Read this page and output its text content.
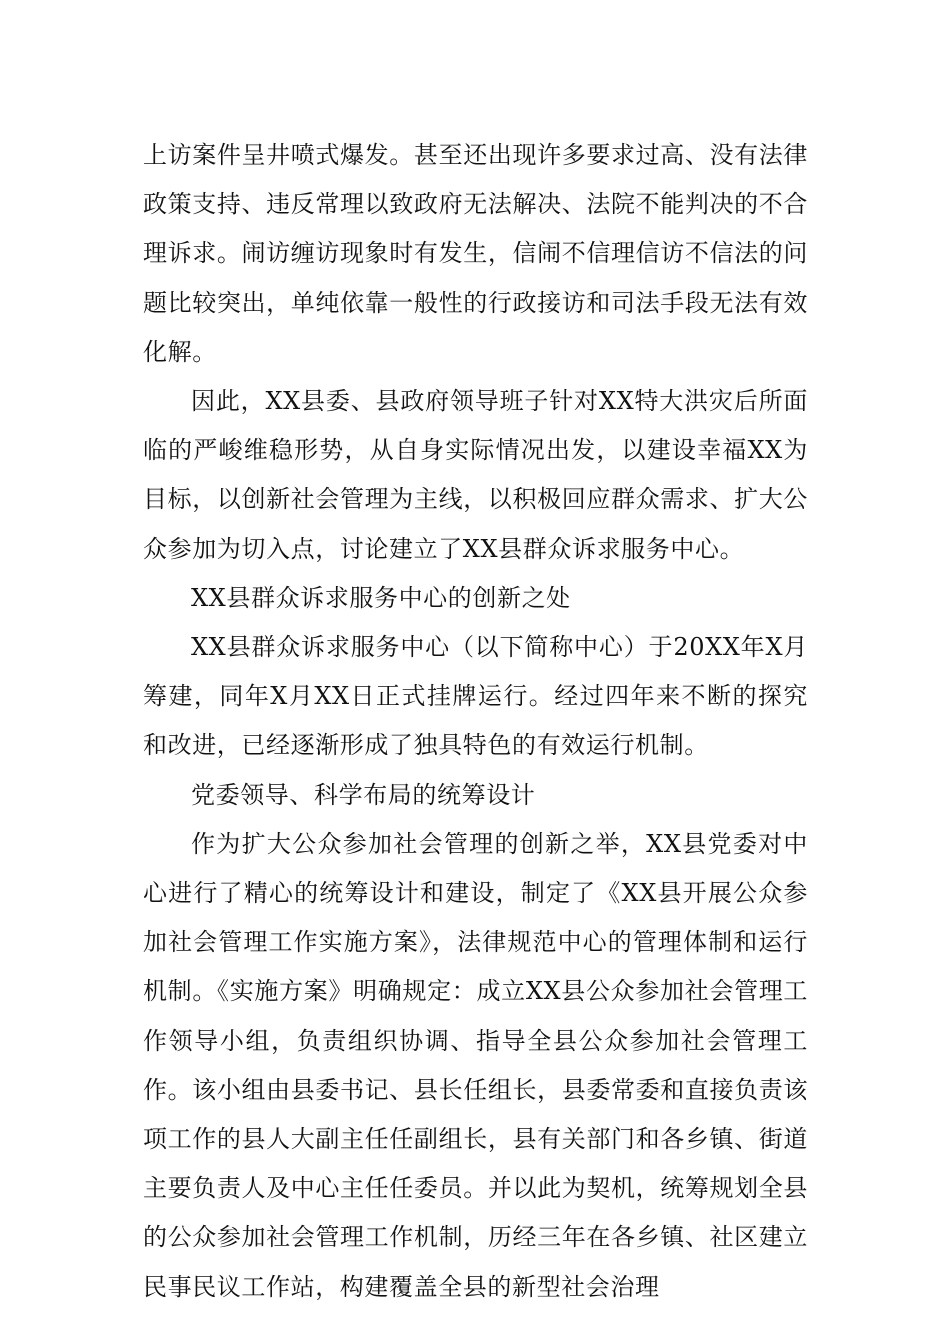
上访案件呈井喷式爆发。甚至还出现许多要求过高、没有法律政策支持、违反常理以致政府无法解决、法院不能判决的不合理诉求。闹访缠访现象时有发生，信闹不信理信访不信法的问题比较突出，单纯依靠一般性的行政接访和司法手段无法有效化解。

因此，XX县委、县政府领导班子针对XX特大洪灾后所面临的严峻维稳形势，从自身实际情况出发，以建设幸福XX为目标，以创新社会管理为主线，以积极回应群众需求、扩大公众参加为切入点，讨论建立了XX县群众诉求服务中心。

XX县群众诉求服务中心的创新之处

XX县群众诉求服务中心（以下简称中心）于20XX年X月筹建，同年X月XX日正式挂牌运行。经过四年来不断的探究和改进，已经逐渐形成了独具特色的有效运行机制。

党委领导、科学布局的统筹设计

作为扩大公众参加社会管理的创新之举，XX县党委对中心进行了精心的统筹设计和建设，制定了《XX县开展公众参加社会管理工作实施方案》，法律规范中心的管理体制和运行机制。《实施方案》明确规定：成立XX县公众参加社会管理工作领导小组，负责组织协调、指导全县公众参加社会管理工作。该小组由县委书记、县长任组长，县委常委和直接负责该项工作的县人大副主任任副组长，县有关部门和各乡镇、街道主要负责人及中心主任任委员。并以此为契机，统筹规划全县的公众参加社会管理工作机制，历经三年在各乡镇、社区建立民事民议工作站，构建覆盖全县的新型社会治理
